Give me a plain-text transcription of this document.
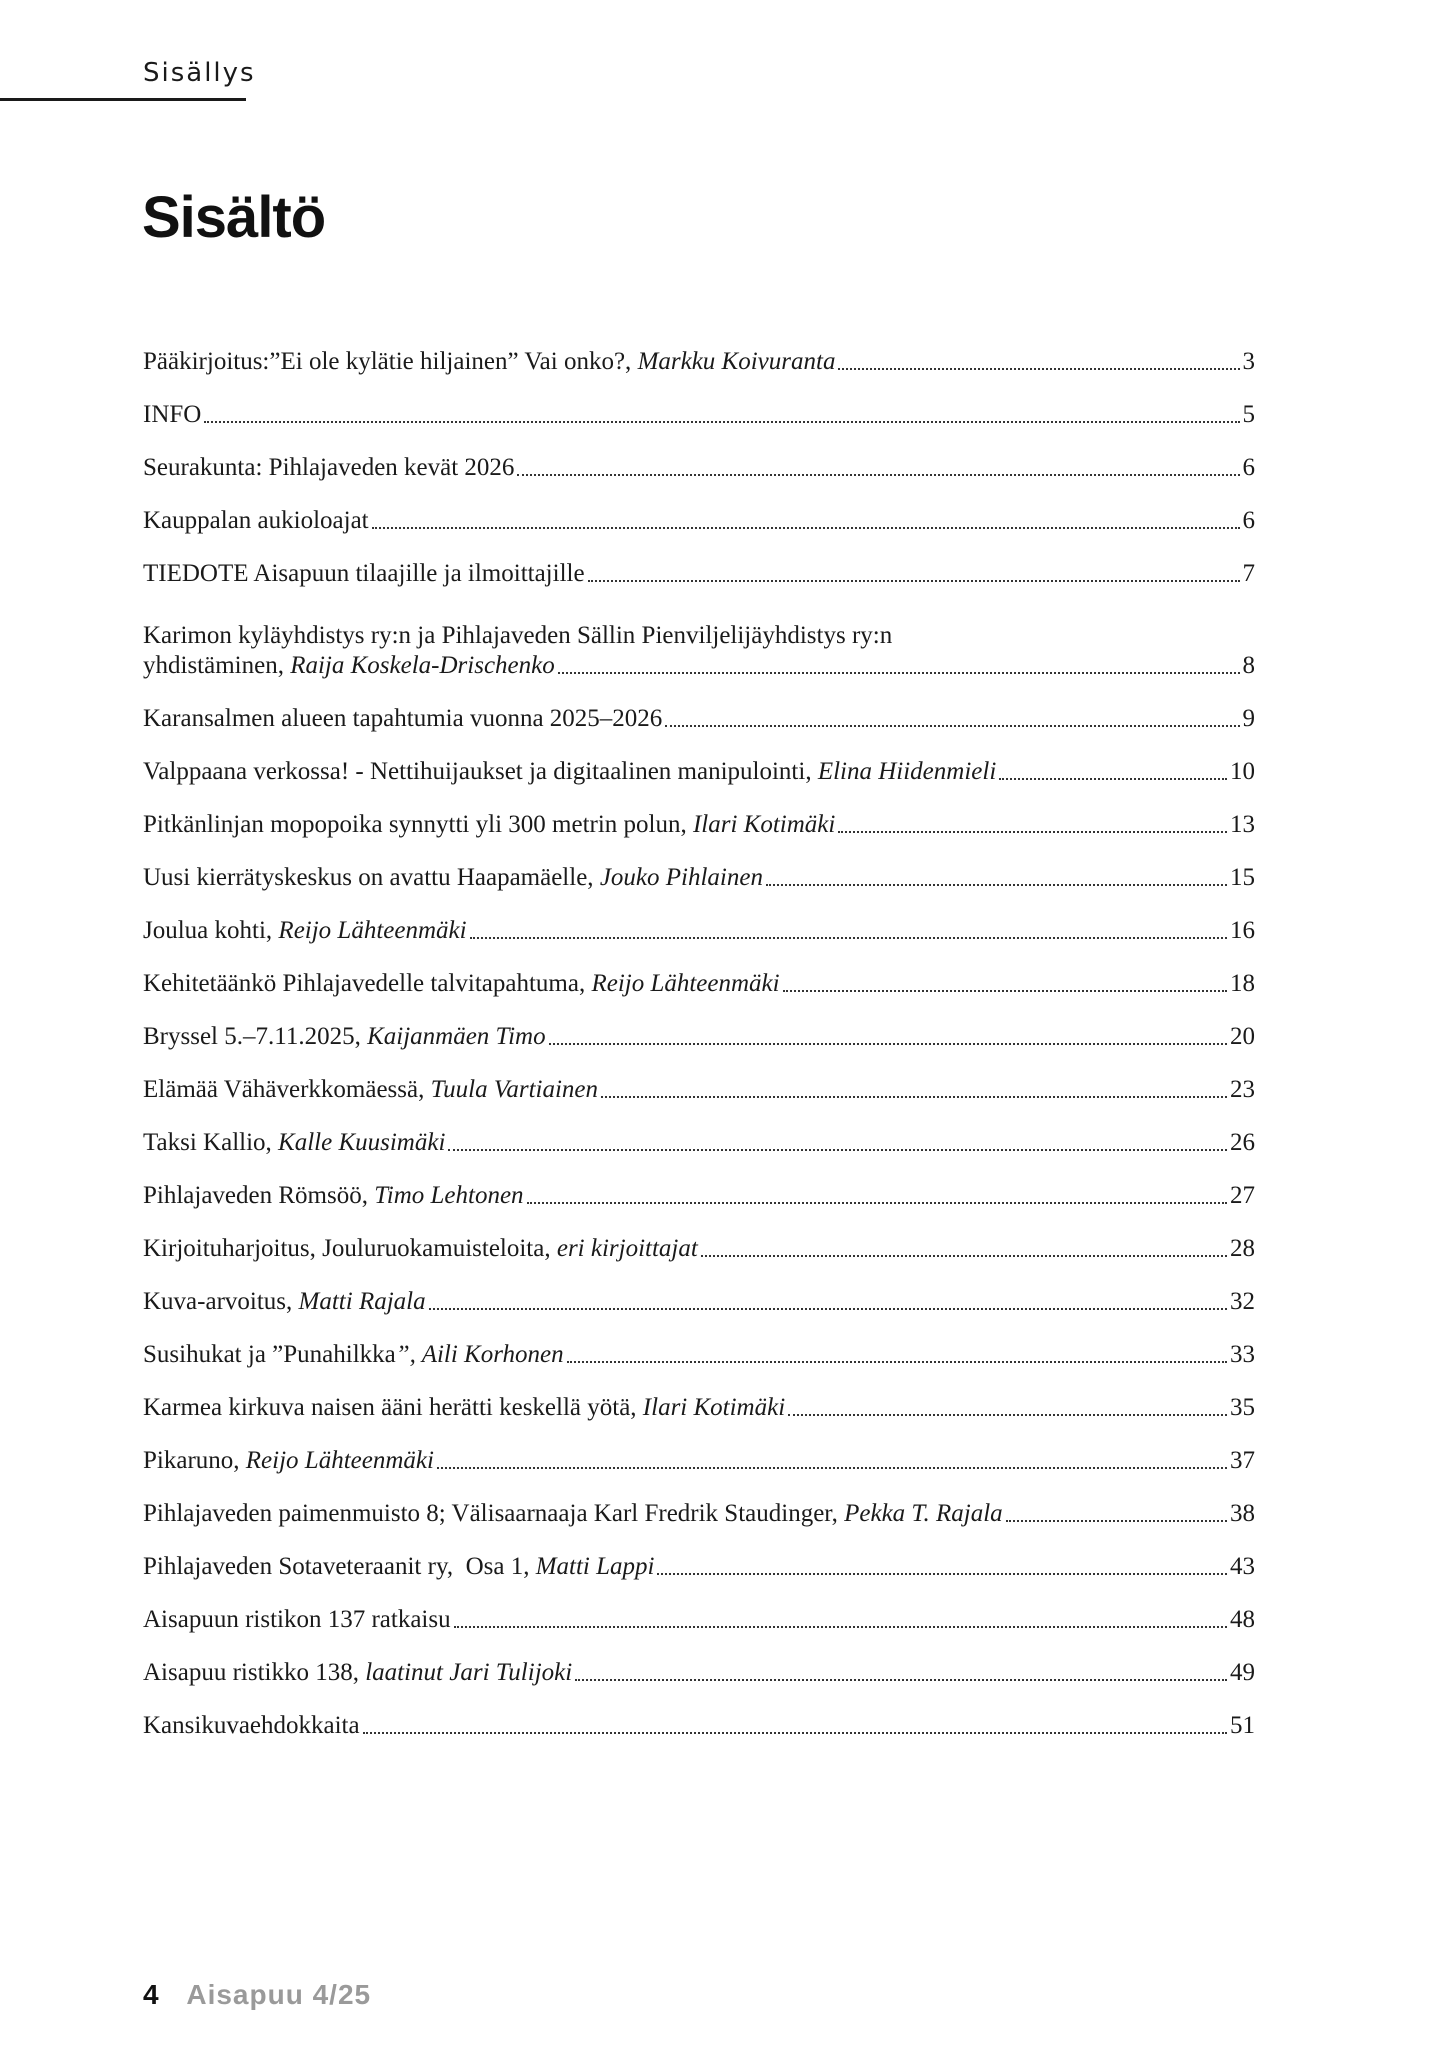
Sisällys
Sisältö
Pääkirjoitus:”Ei ole kylätie hiljainen” Vai onko?, Markku Koivuranta	3
INFO	5
Seurakunta: Pihlajaveden kevät 2026	6
Kauppalan aukioloajat	6
TIEDOTE Aisapuun tilaajille ja ilmoittajille	7
Karimon kyläyhdistys ry:n ja Pihlajaveden Sällin Pienviljelijäyhdistys ry:n
yhdistäminen, Raija Koskela-Drischenko	8
Karansalmen alueen tapahtumia vuonna 2025–2026	9
Valppaana verkossa! - Nettihuijaukset ja digitaalinen manipulointi, Elina Hiidenmieli	10
Pitkänlinjan mopopoika synnytti yli 300 metrin polun, Ilari Kotimäki	13
Uusi kierrätyskeskus on avattu Haapamäelle, Jouko Pihlainen	15
Joulua kohti, Reijo Lähteenmäki	16
Kehitetäänkö Pihlajavedelle talvitapahtuma, Reijo Lähteenmäki	18
Bryssel 5.–7.11.2025, Kaijanmäen Timo	20
Elämää Vähäverkkomäessä, Tuula Vartiainen	23
Taksi Kallio, Kalle Kuusimäki	26
Pihlajaveden Römsöö, Timo Lehtonen	27
Kirjoituharjoitus, Jouluruokamuisteloita, eri kirjoittajat	28
Kuva-arvoitus, Matti Rajala	32
Susihukat ja ”Punahilkka”, Aili Korhonen	33
Karmea kirkuva naisen ääni herätti keskellä yötä, Ilari Kotimäki	35
Pikaruno, Reijo Lähteenmäki	37
Pihlajaveden paimenmuisto 8; Välisaarnaaja Karl Fredrik Staudinger, Pekka T. Rajala	38
Pihlajaveden Sotaveteraanit ry,  Osa 1, Matti Lappi	43
Aisapuun ristikon 137 ratkaisu	48
Aisapuu ristikko 138, laatinut Jari Tulijoki	49
Kansikuvaehdokkaita	51
4 Aisapuu 4/25
